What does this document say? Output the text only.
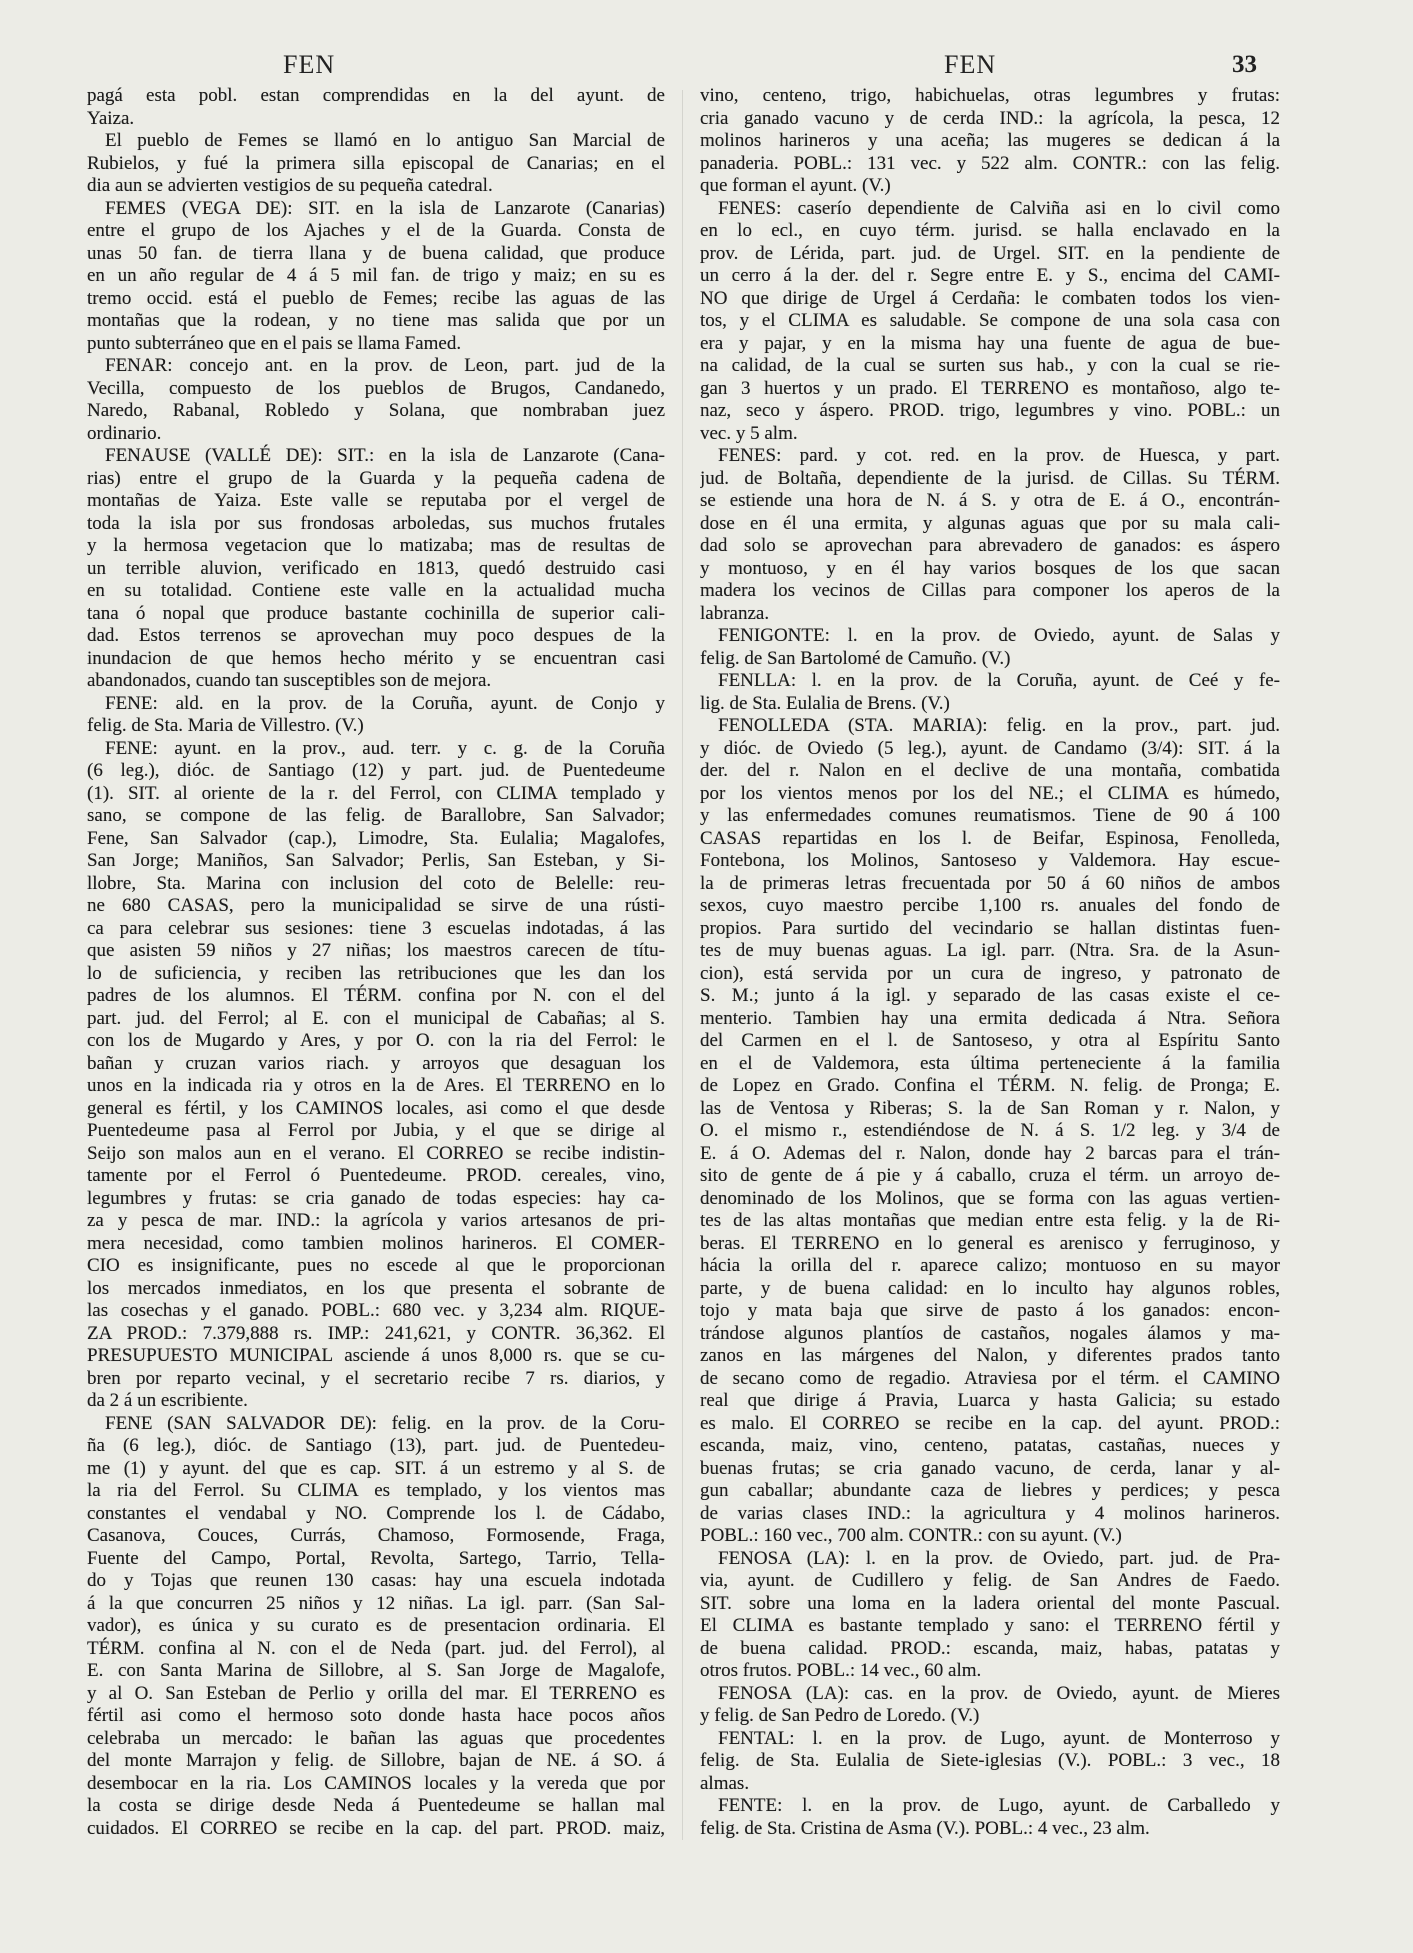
FEN	FEN	33
pagá esta pobl. estan comprendidas en la del ayunt. de
Yaiza.
El pueblo de Femes se llamó en lo antiguo San Marcial de
Rubielos, y fué la primera silla episcopal de Canarias; en el
dia aun se advierten vestigios de su pequeña catedral.
FEMES (VEGA DE): SIT. en la isla de Lanzarote (Canarias)
entre el grupo de los Ajaches y el de la Guarda. Consta de
unas 50 fan. de tierra llana y de buena calidad, que produce
en un año regular de 4 á 5 mil fan. de trigo y maiz; en su es
tremo occid. está el pueblo de Femes; recibe las aguas de las
montañas que la rodean, y no tiene mas salida que por un
punto subterráneo que en el pais se llama Famed.
FENAR: concejo ant. en la prov. de Leon, part. jud de la
Vecilla, compuesto de los pueblos de Brugos, Candanedo,
Naredo, Rabanal, Robledo y Solana, que nombraban juez
ordinario.
FENAUSE (VALLÉ DE): SIT.: en la isla de Lanzarote (Cana-
rias) entre el grupo de la Guarda y la pequeña cadena de
montañas de Yaiza. Este valle se reputaba por el vergel de
toda la isla por sus frondosas arboledas, sus muchos frutales
y la hermosa vegetacion que lo matizaba; mas de resultas de
un terrible aluvion, verificado en 1813, quedó destruido casi
en su totalidad. Contiene este valle en la actualidad mucha
tana ó nopal que produce bastante cochinilla de superior cali-
dad. Estos terrenos se aprovechan muy poco despues de la
inundacion de que hemos hecho mérito y se encuentran casi
abandonados, cuando tan susceptibles son de mejora.
FENE: ald. en la prov. de la Coruña, ayunt. de Conjo y
felig. de Sta. Maria de Villestro. (V.)
FENE: ayunt. en la prov., aud. terr. y c. g. de la Coruña
(6 leg.), dióc. de Santiago (12) y part. jud. de Puentedeume
(1). SIT. al oriente de la r. del Ferrol, con CLIMA templado y
sano, se compone de las felig. de Barallobre, San Salvador;
Fene, San Salvador (cap.), Limodre, Sta. Eulalia; Magalofes,
San Jorge; Maniños, San Salvador; Perlis, San Esteban, y Si-
llobre, Sta. Marina con inclusion del coto de Belelle: reu-
ne 680 CASAS, pero la municipalidad se sirve de una rústi-
ca para celebrar sus sesiones: tiene 3 escuelas indotadas, á las
que asisten 59 niños y 27 niñas; los maestros carecen de títu-
lo de suficiencia, y reciben las retribuciones que les dan los
padres de los alumnos. El TÉRM. confina por N. con el del
part. jud. del Ferrol; al E. con el municipal de Cabañas; al S.
con los de Mugardo y Ares, y por O. con la ria del Ferrol: le
bañan y cruzan varios riach. y arroyos que desaguan los
unos en la indicada ria y otros en la de Ares. El TERRENO en lo
general es fértil, y los CAMINOS locales, asi como el que desde
Puentedeume pasa al Ferrol por Jubia, y el que se dirige al
Seijo son malos aun en el verano. El CORREO se recibe indistin-
tamente por el Ferrol ó Puentedeume. PROD. cereales, vino,
legumbres y frutas: se cria ganado de todas especies: hay ca-
za y pesca de mar. IND.: la agrícola y varios artesanos de pri-
mera necesidad, como tambien molinos harineros. El COMER-
CIO es insignificante, pues no escede al que le proporcionan
los mercados inmediatos, en los que presenta el sobrante de
las cosechas y el ganado. POBL.: 680 vec. y 3,234 alm. RIQUE-
ZA PROD.: 7.379,888 rs. IMP.: 241,621, y CONTR. 36,362. El
PRESUPUESTO MUNICIPAL asciende á unos 8,000 rs. que se cu-
bren por reparto vecinal, y el secretario recibe 7 rs. diarios, y
da 2 á un escribiente.
FENE (SAN SALVADOR DE): felig. en la prov. de la Coru-
ña (6 leg.), dióc. de Santiago (13), part. jud. de Puentedeu-
me (1) y ayunt. del que es cap. SIT. á un estremo y al S. de
la ria del Ferrol. Su CLIMA es templado, y los vientos mas
constantes el vendabal y NO. Comprende los l. de Cádabo,
Casanova, Couces, Currás, Chamoso, Formosende, Fraga,
Fuente del Campo, Portal, Revolta, Sartego, Tarrio, Tella-
do y Tojas que reunen 130 casas: hay una escuela indotada
á la que concurren 25 niños y 12 niñas. La igl. parr. (San Sal-
vador), es única y su curato es de presentacion ordinaria. El
TÉRM. confina al N. con el de Neda (part. jud. del Ferrol), al
E. con Santa Marina de Sillobre, al S. San Jorge de Magalofe,
y al O. San Esteban de Perlio y orilla del mar. El TERRENO es
fértil asi como el hermoso soto donde hasta hace pocos años
celebraba un mercado: le bañan las aguas que procedentes
del monte Marrajon y felig. de Sillobre, bajan de NE. á SO. á
desembocar en la ria. Los CAMINOS locales y la vereda que por
la costa se dirige desde Neda á Puentedeume se hallan mal
cuidados. El CORREO se recibe en la cap. del part. PROD. maiz,
vino, centeno, trigo, habichuelas, otras legumbres y frutas:
cria ganado vacuno y de cerda IND.: la agrícola, la pesca, 12
molinos harineros y una aceña; las mugeres se dedican á la
panaderia. POBL.: 131 vec. y 522 alm. CONTR.: con las felig.
que forman el ayunt. (V.)
FENES: caserío dependiente de Calviña asi en lo civil como
en lo ecl., en cuyo térm. jurisd. se halla enclavado en la
prov. de Lérida, part. jud. de Urgel. SIT. en la pendiente de
un cerro á la der. del r. Segre entre E. y S., encima del CAMI-
NO que dirige de Urgel á Cerdaña: le combaten todos los vien-
tos, y el CLIMA es saludable. Se compone de una sola casa con
era y pajar, y en la misma hay una fuente de agua de bue-
na calidad, de la cual se surten sus hab., y con la cual se rie-
gan 3 huertos y un prado. El TERRENO es montañoso, algo te-
naz, seco y áspero. PROD. trigo, legumbres y vino. POBL.: un
vec. y 5 alm.
FENES: pard. y cot. red. en la prov. de Huesca, y part.
jud. de Boltaña, dependiente de la jurisd. de Cillas. Su TÉRM.
se estiende una hora de N. á S. y otra de E. á O., encontrán-
dose en él una ermita, y algunas aguas que por su mala cali-
dad solo se aprovechan para abrevadero de ganados: es áspero
y montuoso, y en él hay varios bosques de los que sacan
madera los vecinos de Cillas para componer los aperos de la
labranza.
FENIGONTE: l. en la prov. de Oviedo, ayunt. de Salas y
felig. de San Bartolomé de Camuño. (V.)
FENLLA: l. en la prov. de la Coruña, ayunt. de Ceé y fe-
lig. de Sta. Eulalia de Brens. (V.)
FENOLLEDA (STA. MARIA): felig. en la prov., part. jud.
y dióc. de Oviedo (5 leg.), ayunt. de Candamo (3/4): SIT. á la
der. del r. Nalon en el declive de una montaña, combatida
por los vientos menos por los del NE.; el CLIMA es húmedo,
y las enfermedades comunes reumatismos. Tiene de 90 á 100
CASAS repartidas en los l. de Beifar, Espinosa, Fenolleda,
Fontebona, los Molinos, Santoseso y Valdemora. Hay escue-
la de primeras letras frecuentada por 50 á 60 niños de ambos
sexos, cuyo maestro percibe 1,100 rs. anuales del fondo de
propios. Para surtido del vecindario se hallan distintas fuen-
tes de muy buenas aguas. La igl. parr. (Ntra. Sra. de la Asun-
cion), está servida por un cura de ingreso, y patronato de
S. M.; junto á la igl. y separado de las casas existe el ce-
menterio. Tambien hay una ermita dedicada á Ntra. Señora
del Carmen en el l. de Santoseso, y otra al Espíritu Santo
en el de Valdemora, esta última perteneciente á la familia
de Lopez en Grado. Confina el TÉRM. N. felig. de Pronga; E.
las de Ventosa y Riberas; S. la de San Roman y r. Nalon, y
O. el mismo r., estendiéndose de N. á S. 1/2 leg. y 3/4 de
E. á O. Ademas del r. Nalon, donde hay 2 barcas para el trán-
sito de gente de á pie y á caballo, cruza el térm. un arroyo de-
denominado de los Molinos, que se forma con las aguas vertien-
tes de las altas montañas que median entre esta felig. y la de Ri-
beras. El TERRENO en lo general es arenisco y ferruginoso, y
hácia la orilla del r. aparece calizo; montuoso en su mayor
parte, y de buena calidad: en lo inculto hay algunos robles,
tojo y mata baja que sirve de pasto á los ganados: encon-
trándose algunos plantíos de castaños, nogales álamos y ma-
zanos en las márgenes del Nalon, y diferentes prados tanto
de secano como de regadio. Atraviesa por el térm. el CAMINO
real que dirige á Pravia, Luarca y hasta Galicia; su estado
es malo. El CORREO se recibe en la cap. del ayunt. PROD.:
escanda, maiz, vino, centeno, patatas, castañas, nueces y
buenas frutas; se cria ganado vacuno, de cerda, lanar y al-
gun caballar; abundante caza de liebres y perdices; y pesca
de varias clases IND.: la agricultura y 4 molinos harineros.
POBL.: 160 vec., 700 alm. CONTR.: con su ayunt. (V.)
FENOSA (LA): l. en la prov. de Oviedo, part. jud. de Pra-
via, ayunt. de Cudillero y felig. de San Andres de Faedo.
SIT. sobre una loma en la ladera oriental del monte Pascual.
El CLIMA es bastante templado y sano: el TERRENO fértil y
de buena calidad. PROD.: escanda, maiz, habas, patatas y
otros frutos. POBL.: 14 vec., 60 alm.
FENOSA (LA): cas. en la prov. de Oviedo, ayunt. de Mieres
y felig. de San Pedro de Loredo. (V.)
FENTAL: l. en la prov. de Lugo, ayunt. de Monterroso y
felig. de Sta. Eulalia de Siete-iglesias (V.). POBL.: 3 vec., 18
almas.
FENTE: l. en la prov. de Lugo, ayunt. de Carballedo y
felig. de Sta. Cristina de Asma (V.). POBL.: 4 vec., 23 alm.
